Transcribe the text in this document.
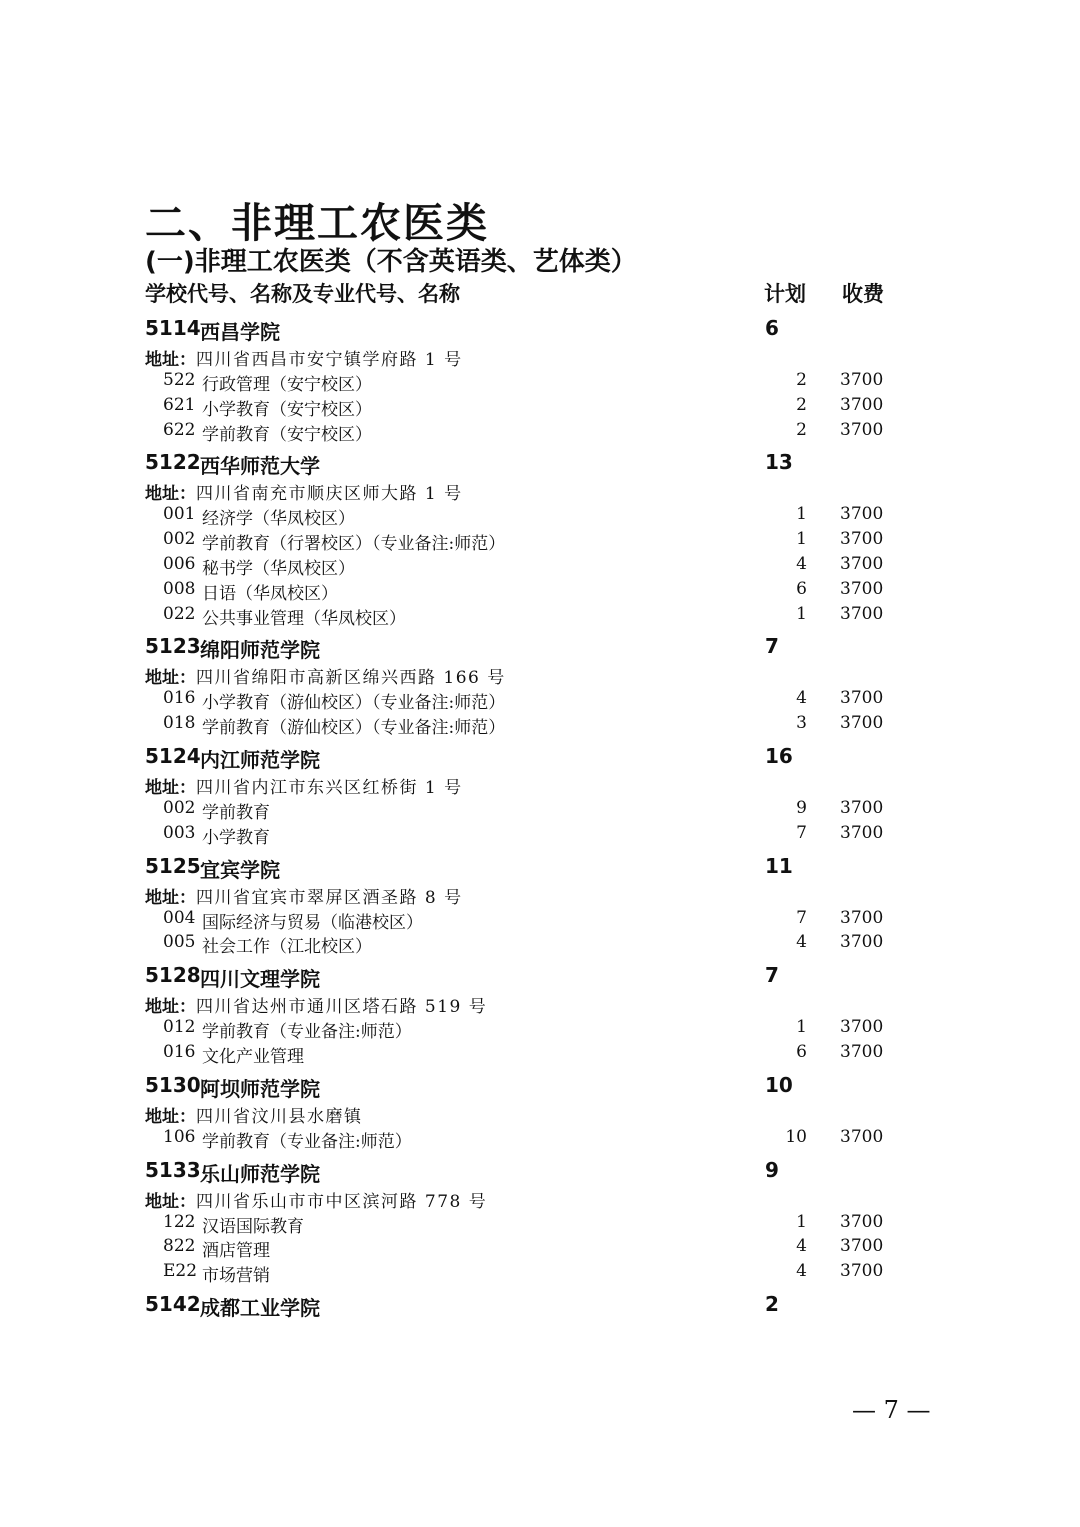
二、非理工农医类
(一)非理工农医类（不含英语类、艺体类）
学校代号、名称及专业代号、名称	计划 收费
5114 西昌学院	6
地址：四川省西昌市安宁镇学府路 1 号
522 行政管理（安宁校区）	2 3700
621 小学教育（安宁校区）	2 3700
622 学前教育（安宁校区）	2 3700
5122 西华师范大学	13
地址：四川省南充市顺庆区师大路 1 号
001 经济学（华凤校区）	1 3700
002 学前教育（行署校区）（专业备注:师范）	1 3700
006 秘书学（华凤校区）	4 3700
008 日语（华凤校区）	6 3700
022 公共事业管理（华凤校区）	1 3700
5123 绵阳师范学院	7
地址：四川省绵阳市高新区绵兴西路 166 号
016 小学教育（游仙校区）（专业备注:师范）	4 3700
018 学前教育（游仙校区）（专业备注:师范）	3 3700
5124 内江师范学院	16
地址：四川省内江市东兴区红桥街 1 号
002 学前教育	9 3700
003 小学教育	7 3700
5125 宜宾学院	11
地址：四川省宜宾市翠屏区酒圣路 8 号
004 国际经济与贸易（临港校区）	7 3700
005 社会工作（江北校区）	4 3700
5128 四川文理学院	7
地址：四川省达州市通川区塔石路 519 号
012 学前教育（专业备注:师范）	1 3700
016 文化产业管理	6 3700
5130 阿坝师范学院	10
地址：四川省汶川县水磨镇
106 学前教育（专业备注:师范）	10 3700
5133 乐山师范学院	9
地址：四川省乐山市市中区滨河路 778 号
122 汉语国际教育	1 3700
822 酒店管理	4 3700
E22 市场营销	4 3700
5142 成都工业学院	2
— 7 —
